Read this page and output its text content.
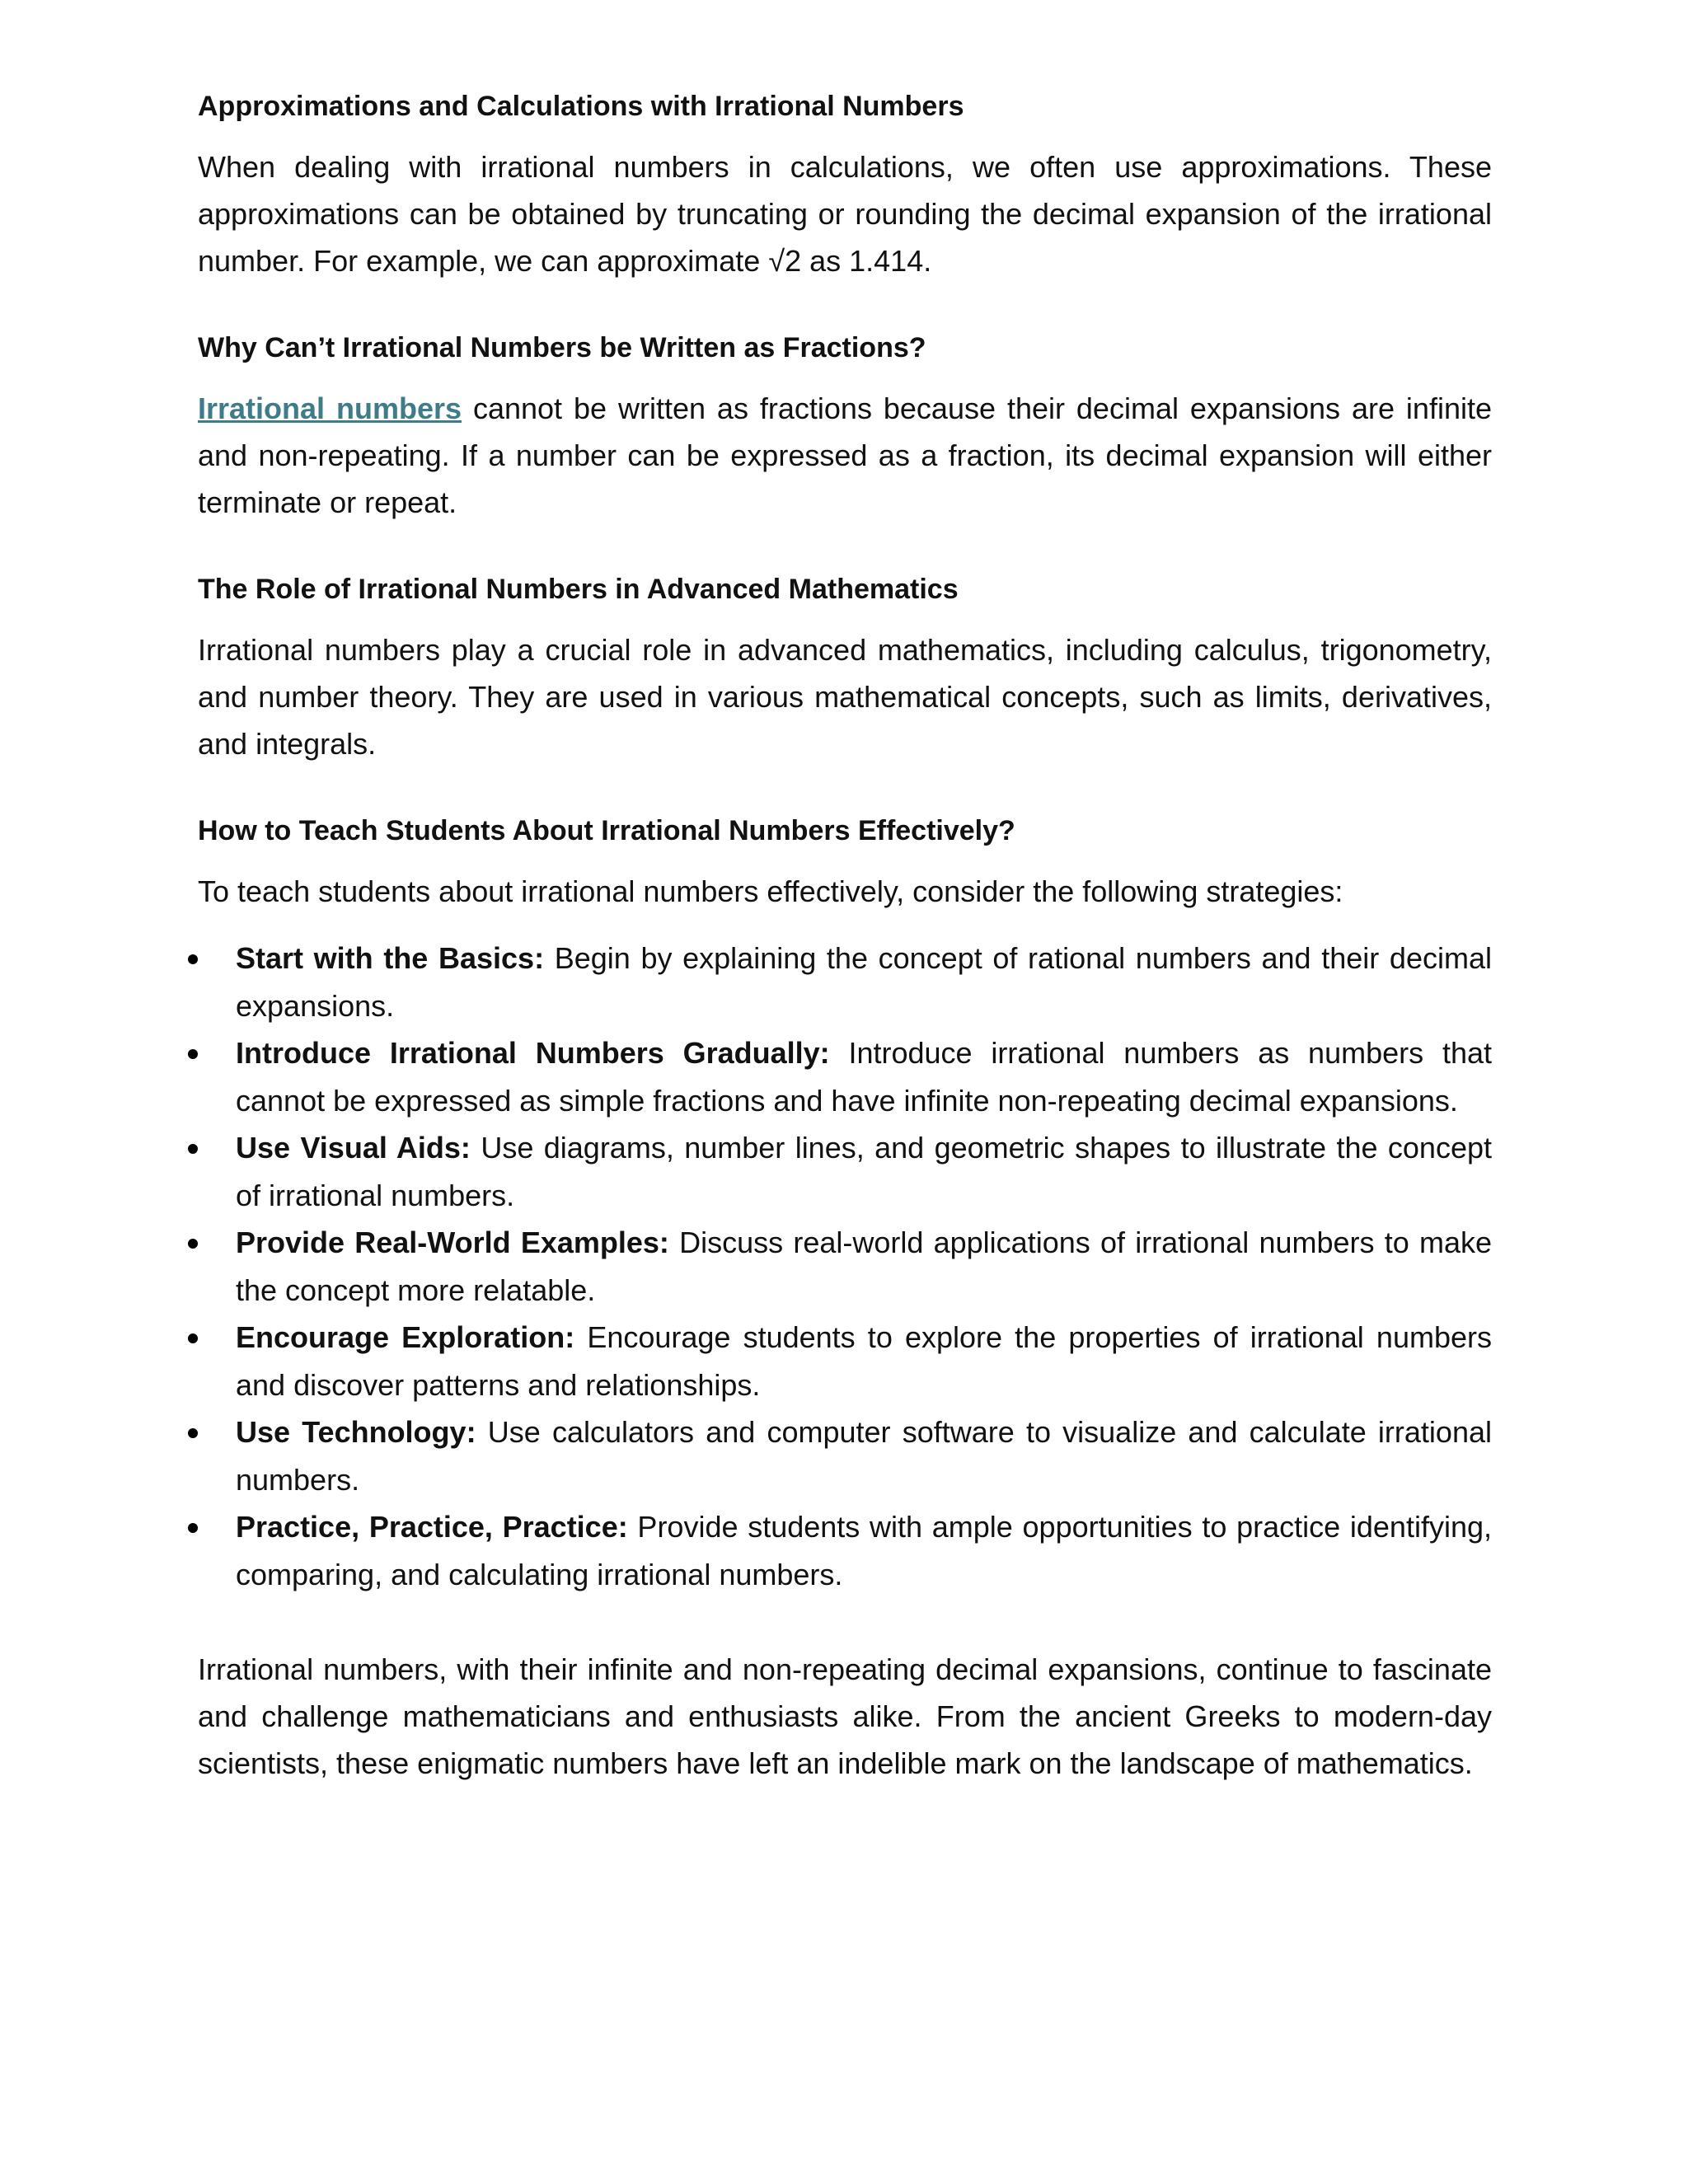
Approximations and Calculations with Irrational Numbers

When dealing with irrational numbers in calculations, we often use approximations. These approximations can be obtained by truncating or rounding the decimal expansion of the irrational number. For example, we can approximate √2 as 1.414.

Why Can’t Irrational Numbers be Written as Fractions?

Irrational numbers cannot be written as fractions because their decimal expansions are infinite and non-repeating. If a number can be expressed as a fraction, its decimal expansion will either terminate or repeat.

The Role of Irrational Numbers in Advanced Mathematics

Irrational numbers play a crucial role in advanced mathematics, including calculus, trigonometry, and number theory. They are used in various mathematical concepts, such as limits, derivatives, and integrals.

How to Teach Students About Irrational Numbers Effectively?

To teach students about irrational numbers effectively, consider the following strategies:

Start with the Basics: Begin by explaining the concept of rational numbers and their decimal expansions.
Introduce Irrational Numbers Gradually: Introduce irrational numbers as numbers that cannot be expressed as simple fractions and have infinite non-repeating decimal expansions.
Use Visual Aids: Use diagrams, number lines, and geometric shapes to illustrate the concept of irrational numbers.
Provide Real-World Examples: Discuss real-world applications of irrational numbers to make the concept more relatable.
Encourage Exploration: Encourage students to explore the properties of irrational numbers and discover patterns and relationships.
Use Technology: Use calculators and computer software to visualize and calculate irrational numbers.
Practice, Practice, Practice: Provide students with ample opportunities to practice identifying, comparing, and calculating irrational numbers.

Irrational numbers, with their infinite and non-repeating decimal expansions, continue to fascinate and challenge mathematicians and enthusiasts alike. From the ancient Greeks to modern-day scientists, these enigmatic numbers have left an indelible mark on the landscape of mathematics.
